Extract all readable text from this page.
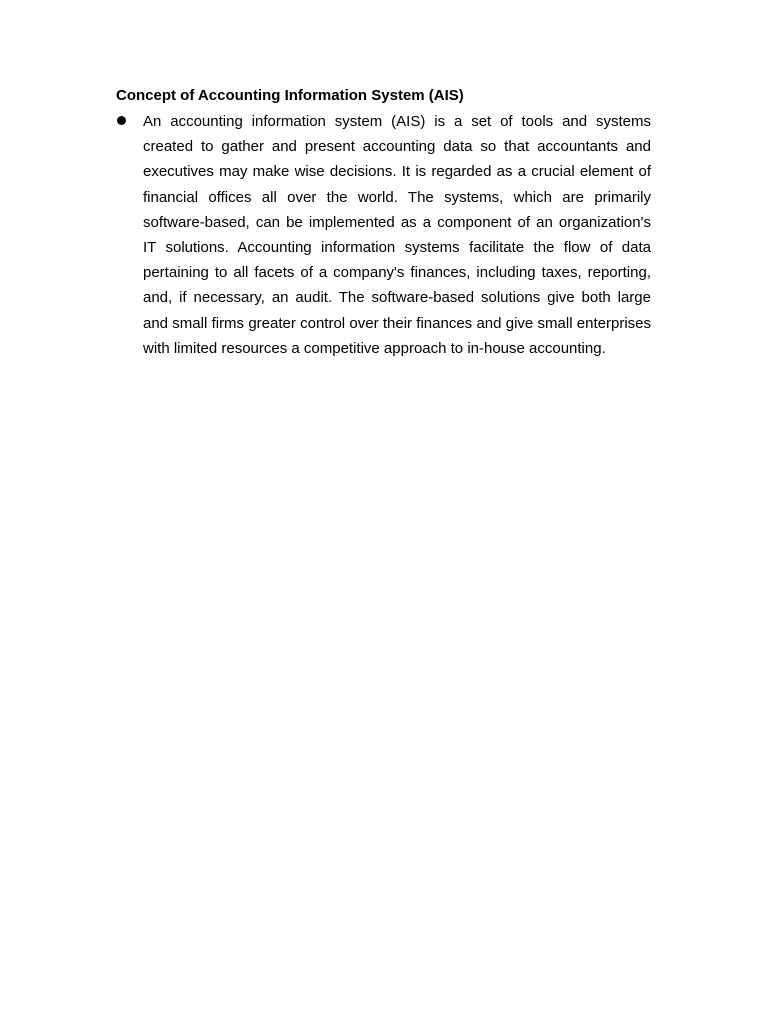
Concept of Accounting Information System (AIS)

An accounting information system (AIS) is a set of tools and systems created to gather and present accounting data so that accountants and executives may make wise decisions. It is regarded as a crucial element of financial offices all over the world. The systems, which are primarily software-based, can be implemented as a component of an organization's IT solutions. Accounting information systems facilitate the flow of data pertaining to all facets of a company's finances, including taxes, reporting, and, if necessary, an audit. The software-based solutions give both large and small firms greater control over their finances and give small enterprises with limited resources a competitive approach to in-house accounting.
